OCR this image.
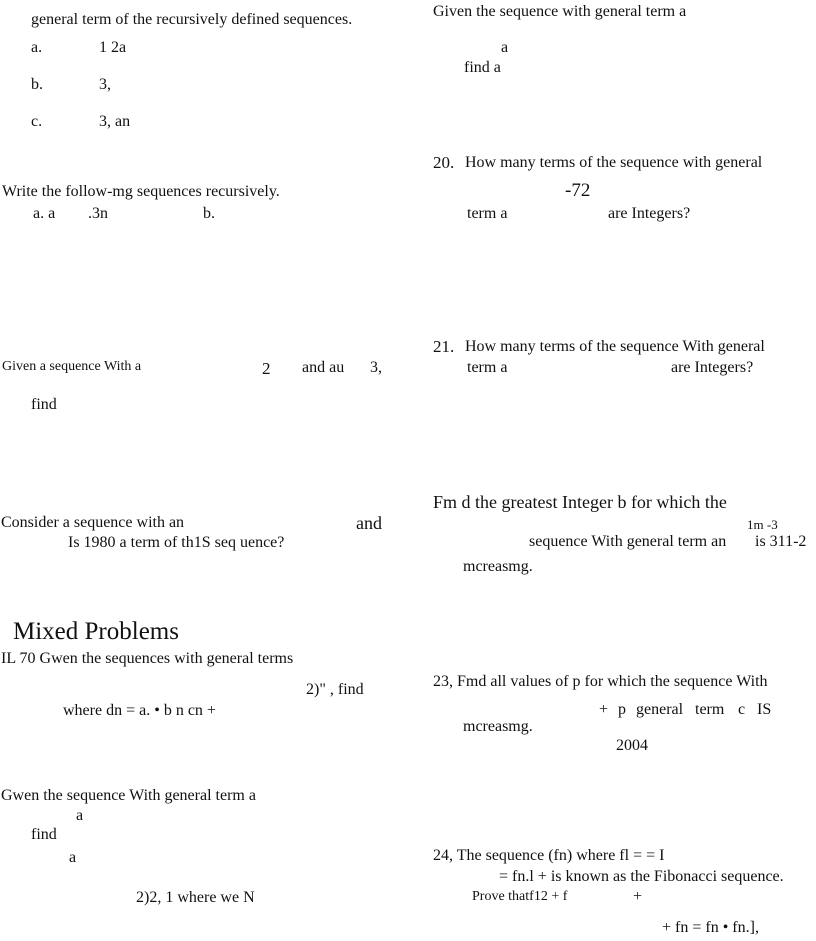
general term of the recursively defined sequences.
a.	1 2a
b.	3,
c.	3, an
Write the follow-mg sequences recursively.
a. a .3n	b.
Given a sequence With a	2 and au 3,
find
Consider a sequence with an	and
Is 1980 a term of th1S seq uence?
Mixed Problems
IL 70 Gwen the sequences with general terms
2)" , find
where dn = a. • b n cn +
Gwen the sequence With general term a
a
find
a
2)2, 1 where we N
Given the sequence with general term a
a
find a
20. How many terms of the sequence with general
-72
term a	are Integers?
21. How many terms of the sequence With general
term a	are Integers?
Fm d the greatest Integer b for which the
1m -3
sequence With general term an is 311-2
mcreasmg.
23, Fmd all values of p for which the sequence With
+ p general term c IS
mcreasmg.
2004
24, The sequence (fn) where fl = = I
= fn.l + is known as the Fibonacci sequence.
Prove thatf12 + f	+
+ fn = fn • fn.],
